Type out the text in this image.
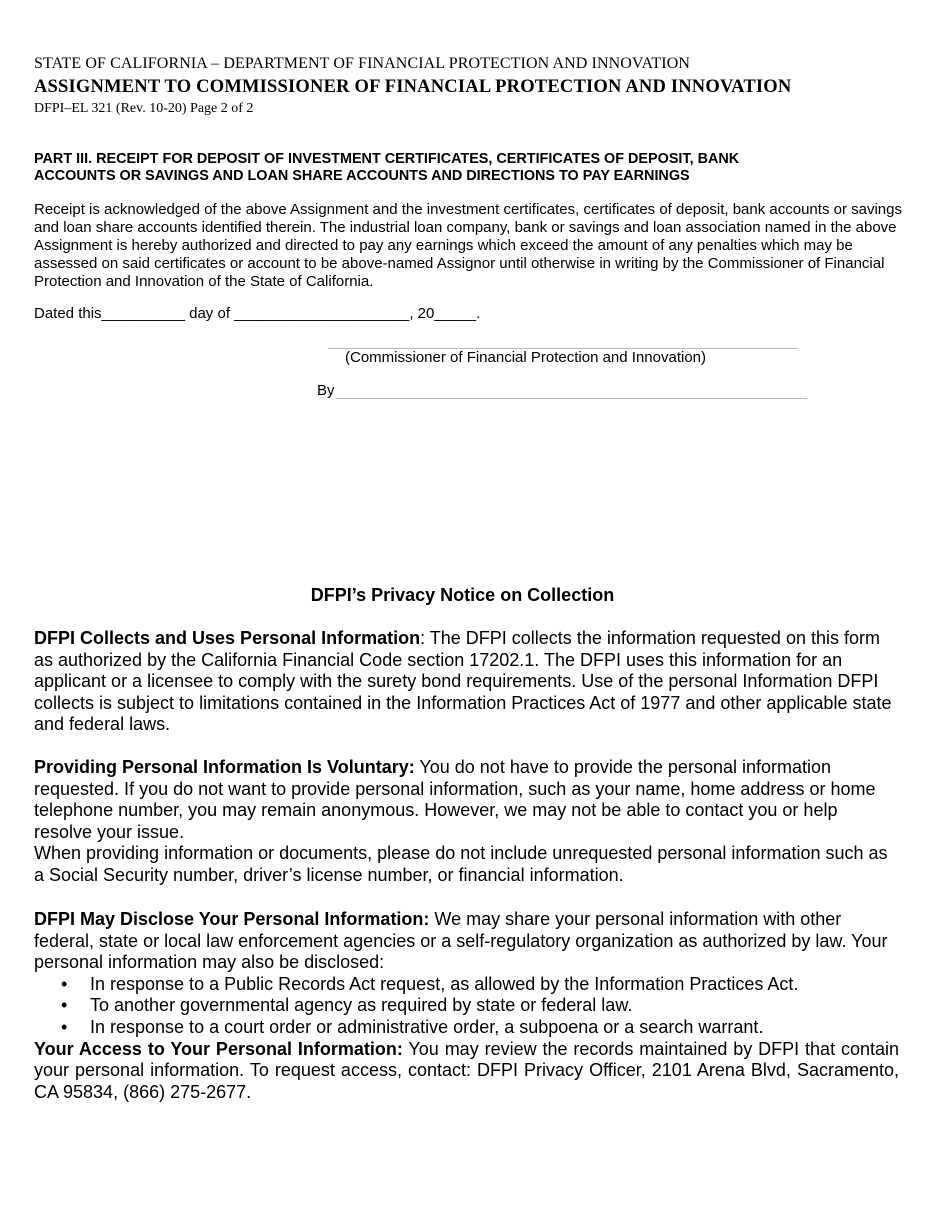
STATE OF CALIFORNIA – DEPARTMENT OF FINANCIAL PROTECTION AND INNOVATION
ASSIGNMENT TO COMMISSIONER OF FINANCIAL PROTECTION AND INNOVATION
DFPI–EL 321 (Rev. 10-20) Page 2 of 2
PART III. RECEIPT FOR DEPOSIT OF INVESTMENT CERTIFICATES, CERTIFICATES OF DEPOSIT, BANK
ACCOUNTS OR SAVINGS AND LOAN SHARE ACCOUNTS AND DIRECTIONS TO PAY EARNINGS
Receipt is acknowledged of the above Assignment and the investment certificates, certificates of deposit, bank accounts or savings and loan share accounts identified therein. The industrial loan company, bank or savings and loan association named in the above Assignment is hereby authorized and directed to pay any earnings which exceed the amount of any penalties which may be assessed on said certificates or account to be above-named Assignor until otherwise in writing by the Commissioner of Financial Protection and Innovation of the State of California.
Dated this__________ day of _____________________, 20_____.
(Commissioner of Financial Protection and Innovation)
By
DFPI’s Privacy Notice on Collection
DFPI Collects and Uses Personal Information: The DFPI collects the information requested on this form as authorized by the California Financial Code section 17202.1. The DFPI uses this information for an applicant or a licensee to comply with the surety bond requirements. Use of the personal Information DFPI collects is subject to limitations contained in the Information Practices Act of 1977 and other applicable state and federal laws.
Providing Personal Information Is Voluntary: You do not have to provide the personal information requested. If you do not want to provide personal information, such as your name, home address or home telephone number, you may remain anonymous. However, we may not be able to contact you or help resolve your issue.
When providing information or documents, please do not include unrequested personal information such as a Social Security number, driver’s license number, or financial information.
DFPI May Disclose Your Personal Information: We may share your personal information with other federal, state or local law enforcement agencies or a self-regulatory organization as authorized by law. Your personal information may also be disclosed:
• In response to a Public Records Act request, as allowed by the Information Practices Act.
• To another governmental agency as required by state or federal law.
• In response to a court order or administrative order, a subpoena or a search warrant.
Your Access to Your Personal Information: You may review the records maintained by DFPI that contain your personal information. To request access, contact: DFPI Privacy Officer, 2101 Arena Blvd, Sacramento, CA 95834, (866) 275-2677.
